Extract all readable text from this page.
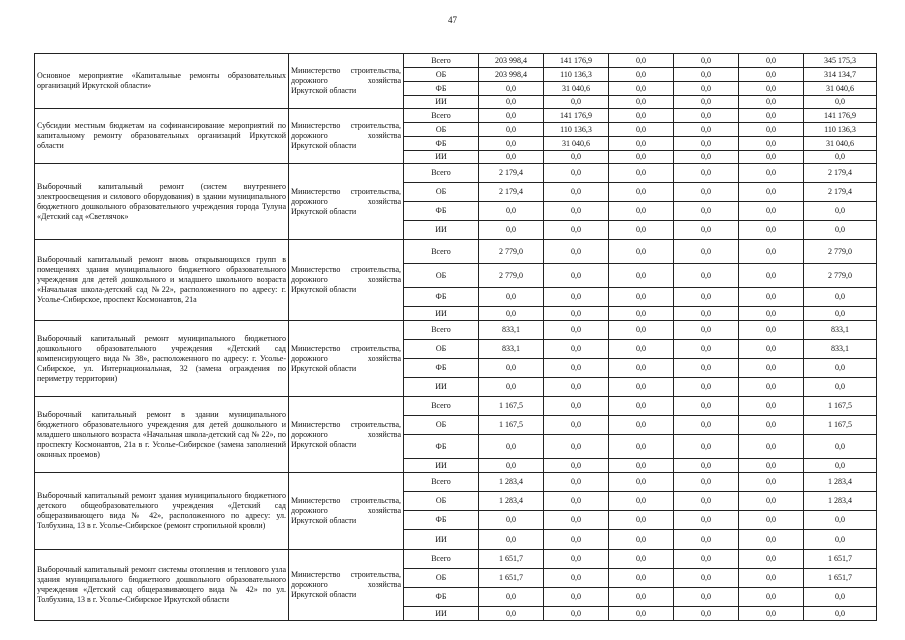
47
Основное мероприятие «Капитальные ремонты образовательных организаций Иркутской области»	Министерство строительства, дорожного хозяйства Иркутской области	Всего	203 998,4	141 176,9	0,0	0,0	0,0	345 175,3
		ОБ	203 998,4	110 136,3	0,0	0,0	0,0	314 134,7
		ФБ	0,0	31 040,6	0,0	0,0	0,0	31 040,6
		ИИ	0,0	0,0	0,0	0,0	0,0	0,0
Субсидии местным бюджетам на софинансирование мероприятий по капитальному ремонту образовательных организаций Иркутской области	Министерство строительства, дорожного хозяйства Иркутской области	Всего	0,0	141 176,9	0,0	0,0	0,0	141 176,9
		ОБ	0,0	110 136,3	0,0	0,0	0,0	110 136,3
		ФБ	0,0	31 040,6	0,0	0,0	0,0	31 040,6
		ИИ	0,0	0,0	0,0	0,0	0,0	0,0
Выборочный капитальный ремонт (систем внутреннего электроосвещения и силового оборудования) в здании муниципального бюджетного дошкольного образовательного учреждения города Тулуна «Детский сад «Светлячок»	Министерство строительства, дорожного хозяйства Иркутской области	Всего	2 179,4	0,0	0,0	0,0	0,0	2 179,4
		ОБ	2 179,4	0,0	0,0	0,0	0,0	2 179,4
		ФБ	0,0	0,0	0,0	0,0	0,0	0,0
		ИИ	0,0	0,0	0,0	0,0	0,0	0,0
Выборочный капитальный ремонт вновь открывающихся групп в помещениях здания муниципального бюджетного образовательного учреждения для детей дошкольного и младшего школьного возраста «Начальная школа-детский сад №22», расположенного по адресу: г. Усолье-Сибирское, проспект Космонавтов, 21а	Министерство строительства, дорожного хозяйства Иркутской области	Всего	2 779,0	0,0	0,0	0,0	0,0	2 779,0
		ОБ	2 779,0	0,0	0,0	0,0	0,0	2 779,0
		ФБ	0,0	0,0	0,0	0,0	0,0	0,0
		ИИ	0,0	0,0	0,0	0,0	0,0	0,0
Выборочный капитальный ремонт муниципального бюджетного дошкольного образовательного учреждения «Детский сад компенсирующего вида № 38», расположенного по адресу: г. Усолье-Сибирское, ул. Интернациональная, 32 (замена ограждения по периметру территории)	Министерство строительства, дорожного хозяйства Иркутской области	Всего	833,1	0,0	0,0	0,0	0,0	833,1
		ОБ	833,1	0,0	0,0	0,0	0,0	833,1
		ФБ	0,0	0,0	0,0	0,0	0,0	0,0
		ИИ	0,0	0,0	0,0	0,0	0,0	0,0
Выборочный капитальный ремонт в здании муниципального бюджетного образовательного учреждения для детей дошкольного и младшего школьного возраста «Начальная школа-детский сад № 22», по проспекту Космонавтов, 21а в г. Усолье-Сибирское (замена заполнений оконных проемов)	Министерство строительства, дорожного хозяйства Иркутской области	Всего	1 167,5	0,0	0,0	0,0	0,0	1 167,5
		ОБ	1 167,5	0,0	0,0	0,0	0,0	1 167,5
		ФБ	0,0	0,0	0,0	0,0	0,0	0,0
		ИИ	0,0	0,0	0,0	0,0	0,0	0,0
Выборочный капитальный ремонт здания муниципального бюджетного детского общеобразовательного учреждения «Детский сад общеразвивающего вида № 42», расположенного по адресу: ул. Толбухина, 13 в г. Усолье-Сибирское (ремонт стропильной кровли)	Министерство строительства, дорожного хозяйства Иркутской области	Всего	1 283,4	0,0	0,0	0,0	0,0	1 283,4
		ОБ	1 283,4	0,0	0,0	0,0	0,0	1 283,4
		ФБ	0,0	0,0	0,0	0,0	0,0	0,0
		ИИ	0,0	0,0	0,0	0,0	0,0	0,0
Выборочный капитальный ремонт системы отопления и теплового узла здания муниципального бюджетного дошкольного образовательного учреждения «Детский сад общеразвивающего вида № 42» по ул. Толбухина, 13 в г. Усолье-Сибирское Иркутской области	Министерство строительства, дорожного хозяйства Иркутской области	Всего	1 651,7	0,0	0,0	0,0	0,0	1 651,7
		ОБ	1 651,7	0,0	0,0	0,0	0,0	1 651,7
		ФБ	0,0	0,0	0,0	0,0	0,0	0,0
		ИИ	0,0	0,0	0,0	0,0	0,0	0,0
